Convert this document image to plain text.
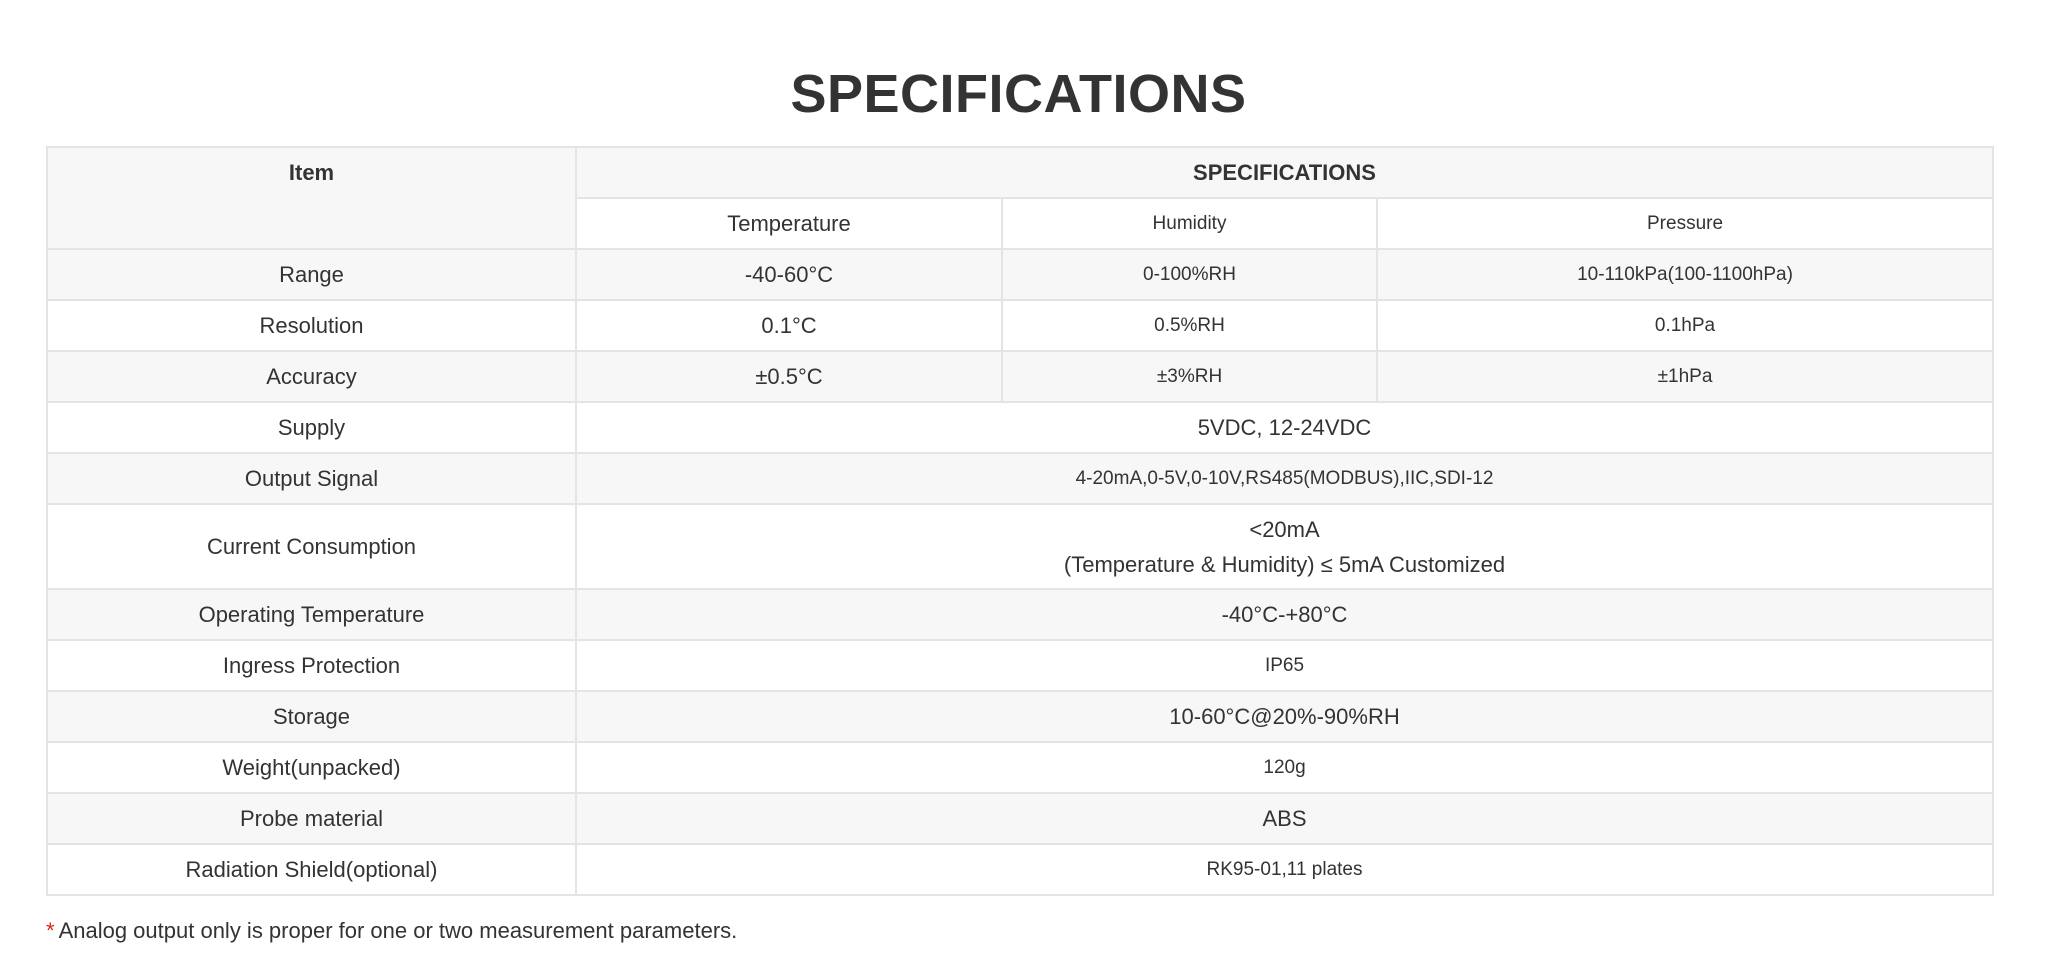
SPECIFICATIONS
Item	SPECIFICATIONS		
	Temperature	Humidity	Pressure
Range	-40-60°C	0-100%RH	10-110kPa(100-1100hPa)
Resolution	0.1°C	0.5%RH	0.1hPa
Accuracy	±0.5°C	±3%RH	±1hPa
Supply	5VDC, 12-24VDC		
Output Signal	4-20mA,0-5V,0-10V,RS485(MODBUS),IIC,SDI-12		
Current Consumption	<20mA
(Temperature & Humidity) ≤ 5mA Customized		

Operating Temperature	-40°C-+80°C		
Ingress Protection	IP65		
Storage	10-60°C@20%-90%RH		
Weight(unpacked)	120g		
Probe material	ABS		
Radiation Shield(optional)	RK95-01,11 plates		
* Analog output only is proper for one or two measurement parameters.
